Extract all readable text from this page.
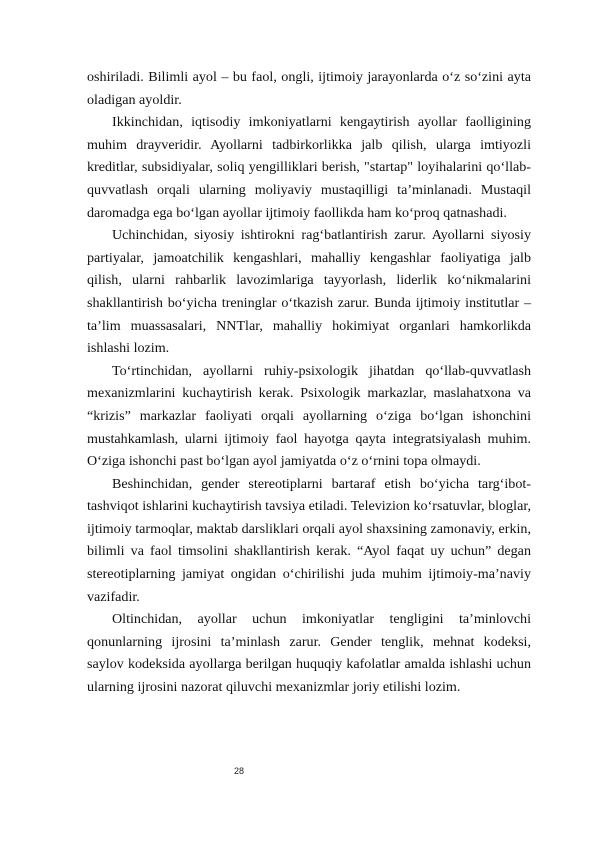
oshiriladi. Bilimli ayol – bu faol, ongli, ijtimoiy jarayonlarda o‘z so‘zini ayta oladigan ayoldir.

Ikkinchidan, iqtisodiy imkoniyatlarni kengaytirish ayollar faolligining muhim drayveridir. Ayollarni tadbirkorlikka jalb qilish, ularga imtiyozli kreditlar, subsidiyalar, soliq yengilliklari berish, "startap" loyihalarini qo‘llab-quvvatlash orqali ularning moliyaviy mustaqilligi ta’minlanadi. Mustaqil daromadga ega bo‘lgan ayollar ijtimoiy faollikda ham ko‘proq qatnashadi.

Uchinchidan, siyosiy ishtirokni rag‘batlantirish zarur. Ayollarni siyosiy partiyalar, jamoatchilik kengashlari, mahalliy kengashlar faoliyatiga jalb qilish, ularni rahbarlik lavozimlariga tayyorlash, liderlik ko‘nikmalarini shakllantirish bo‘yicha treninglar o‘tkazish zarur. Bunda ijtimoiy institutlar – ta’lim muassasalari, NNTlar, mahalliy hokimiyat organlari hamkorlikda ishlashi lozim.

To‘rtinchidan, ayollarni ruhiy-psixologik jihatdan qo‘llab-quvvatlash mexanizmlarini kuchaytirish kerak. Psixologik markazlar, maslahatxona va “krizis” markazlar faoliyati orqali ayollarning o‘ziga bo‘lgan ishonchini mustahkamlash, ularni ijtimoiy faol hayotga qayta integratsiyalash muhim. O‘ziga ishonchi past bo‘lgan ayol jamiyatda o‘z o‘rnini topa olmaydi.

Beshinchidan, gender stereotiplarni bartaraf etish bo‘yicha targ‘ibot-tashviqot ishlarini kuchaytirish tavsiya etiladi. Televizion ko‘rsatuvlar, bloglar, ijtimoiy tarmoqlar, maktab darsliklari orqali ayol shaxsining zamonaviy, erkin, bilimli va faol timsolini shakllantirish kerak. “Ayol faqat uy uchun” degan stereotiplarning jamiyat ongidan o‘chirilishi juda muhim ijtimoiy-ma’naviy vazifadir.

Oltinchidan, ayollar uchun imkoniyatlar tengligini ta’minlovchi qonunlarning ijrosini ta’minlash zarur. Gender tenglik, mehnat kodeksi, saylov kodeksida ayollarga berilgan huquqiy kafolatlar amalda ishlashi uchun ularning ijrosini nazorat qiluvchi mexanizmlar joriy etilishi lozim.

28
